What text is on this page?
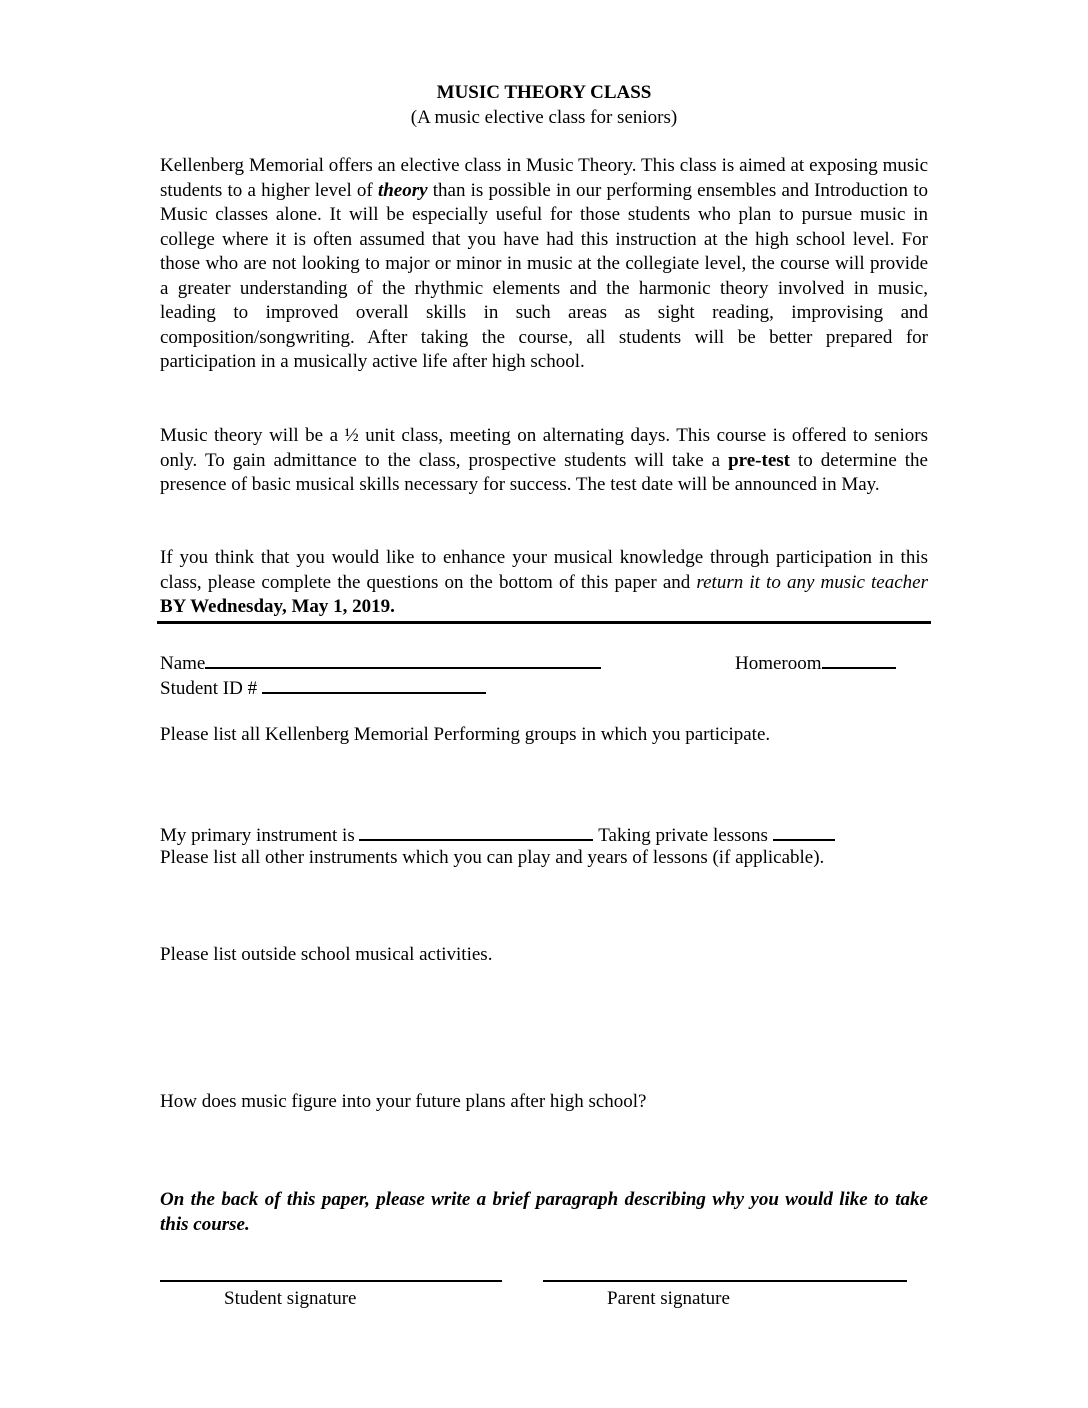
MUSIC THEORY CLASS
(A music elective class for seniors)
Kellenberg Memorial offers an elective class in Music Theory. This class is aimed at exposing music students to a higher level of theory than is possible in our performing ensembles and Introduction to Music classes alone. It will be especially useful for those students who plan to pursue music in college where it is often assumed that you have had this instruction at the high school level. For those who are not looking to major or minor in music at the collegiate level, the course will provide a greater understanding of the rhythmic elements and the harmonic theory involved in music, leading to improved overall skills in such areas as sight reading, improvising and composition/songwriting. After taking the course, all students will be better prepared for participation in a musically active life after high school.
Music theory will be a ½ unit class, meeting on alternating days. This course is offered to seniors only. To gain admittance to the class, prospective students will take a pre-test to determine the presence of basic musical skills necessary for success. The test date will be announced in May.
If you think that you would like to enhance your musical knowledge through participation in this class, please complete the questions on the bottom of this paper and return it to any music teacher BY Wednesday, May 1, 2019.
Name	Homeroom
Student ID #
Please list all Kellenberg Memorial Performing groups in which you participate.
My primary instrument is	Taking private lessons
Please list all other instruments which you can play and years of lessons (if applicable).
Please list outside school musical activities.
How does music figure into your future plans after high school?
On the back of this paper, please write a brief paragraph describing why you would like to take this course.
Student signature	Parent signature
